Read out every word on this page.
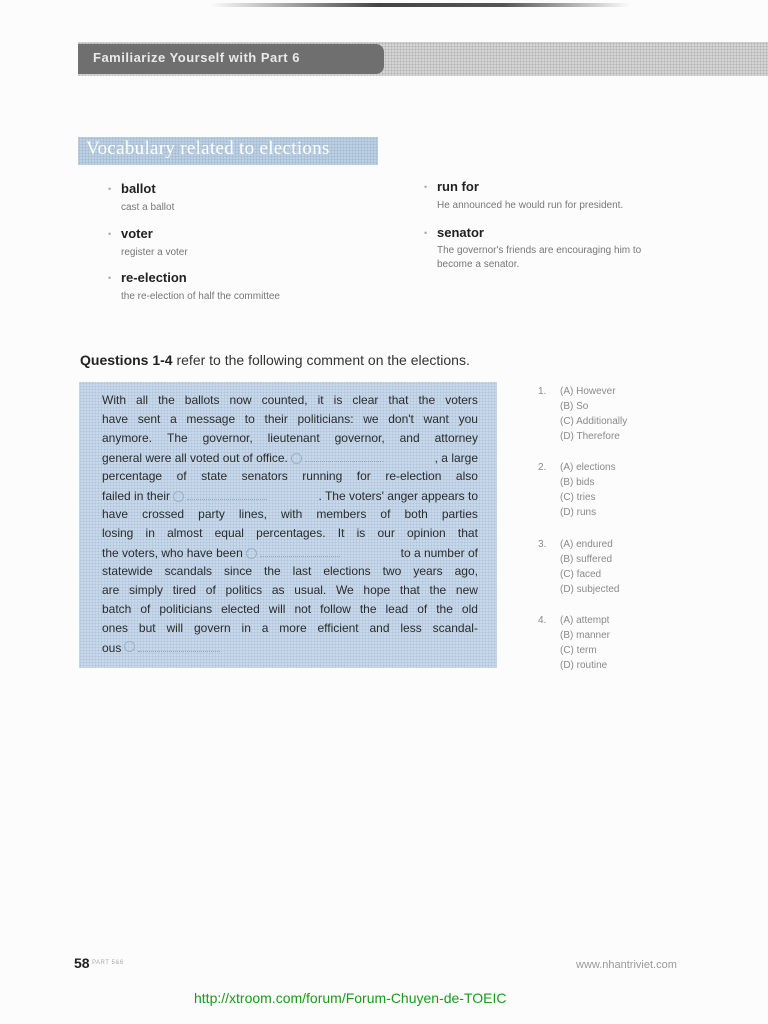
Familiarize Yourself with Part 6
Vocabulary related to elections
• ballot
cast a ballot
• voter
register a voter
• re-election
the re-election of half the committee
• run for
He announced he would run for president.
• senator
The governor's friends are encouraging him to
become a senator.
Questions 1-4 refer to the following comment on the elections.
With all the ballots now counted, it is clear that the voters
have sent a message to their politicians: we don't want you
anymore. The governor, lieutenant governor, and attorney
general were all voted out of office.	, a large
percentage of state senators running for re-election also
failed in their	. The voters' anger appears to
have crossed party lines, with members of both parties
losing in almost equal percentages. It is our opinion that
the voters, who have been	to a number of
statewide scandals since the last elections two years ago,
are simply tired of politics as usual. We hope that the new
batch of politicians elected will not follow the lead of the old
ones but will govern in a more efficient and less scandal-
ous
1. (A) However
(B) So
(C) Additionally
(D) Therefore
2. (A) elections
(B) bids
(C) tries
(D) runs
3. (A) endured
(B) suffered
(C) faced
(D) subjected
4. (A) attempt
(B) manner
(C) term
(D) routine
58 PART 5&6	www.nhantriviet.com
http://xtroom.com/forum/Forum-Chuyen-de-TOEIC
